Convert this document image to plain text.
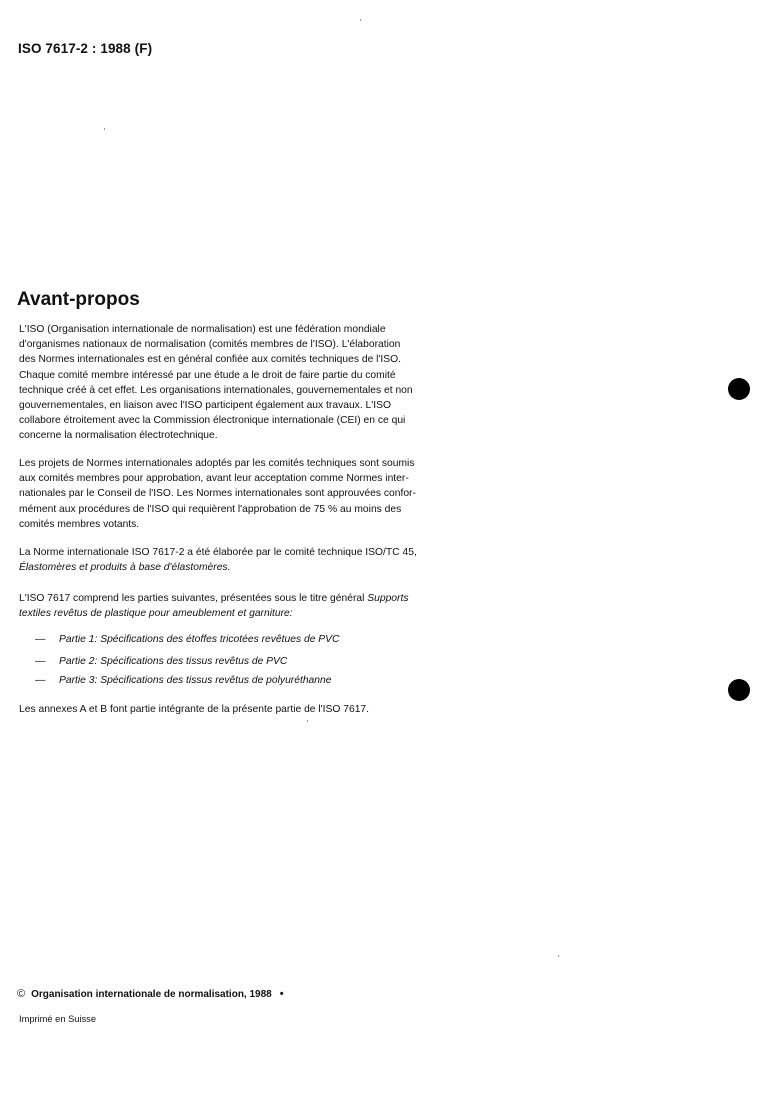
ISO 7617-2 : 1988 (F)
Avant-propos
L'ISO (Organisation internationale de normalisation) est une fédération mondiale
d'organismes nationaux de normalisation (comités membres de l'ISO). L'élaboration
des Normes internationales est en général confiée aux comités techniques de l'ISO.
Chaque comité membre intéressé par une étude a le droit de faire partie du comité
technique créé à cet effet. Les organisations internationales, gouvernementales et non
gouvernementales, en liaison avec l'ISO participent également aux travaux. L'ISO
collabore étroitement avec la Commission électronique internationale (CEI) en ce qui
concerne la normalisation électrotechnique.
Les projets de Normes internationales adoptés par les comités techniques sont soumis
aux comités membres pour approbation, avant leur acceptation comme Normes inter-
nationales par le Conseil de l'ISO. Les Normes internationales sont approuvées confor-
mément aux procédures de l'ISO qui requièrent l'approbation de 75 % au moins des
comités membres votants.
La Norme internationale ISO 7617-2 a été élaborée par le comité technique ISO/TC 45,
Élastomères et produits à base d'élastomères.
L'ISO 7617 comprend les parties suivantes, présentées sous le titre général Supports
textiles revêtus de plastique pour ameublement et garniture:
— Partie 1: Spécifications des étoffes tricotées revêtues de PVC
— Partie 2: Spécifications des tissus revêtus de PVC
— Partie 3: Spécifications des tissus revêtus de polyuréthanne
Les annexes A et B font partie intégrante de la présente partie de l'ISO 7617.
© Organisation internationale de normalisation, 1988 •
Imprimé en Suisse
